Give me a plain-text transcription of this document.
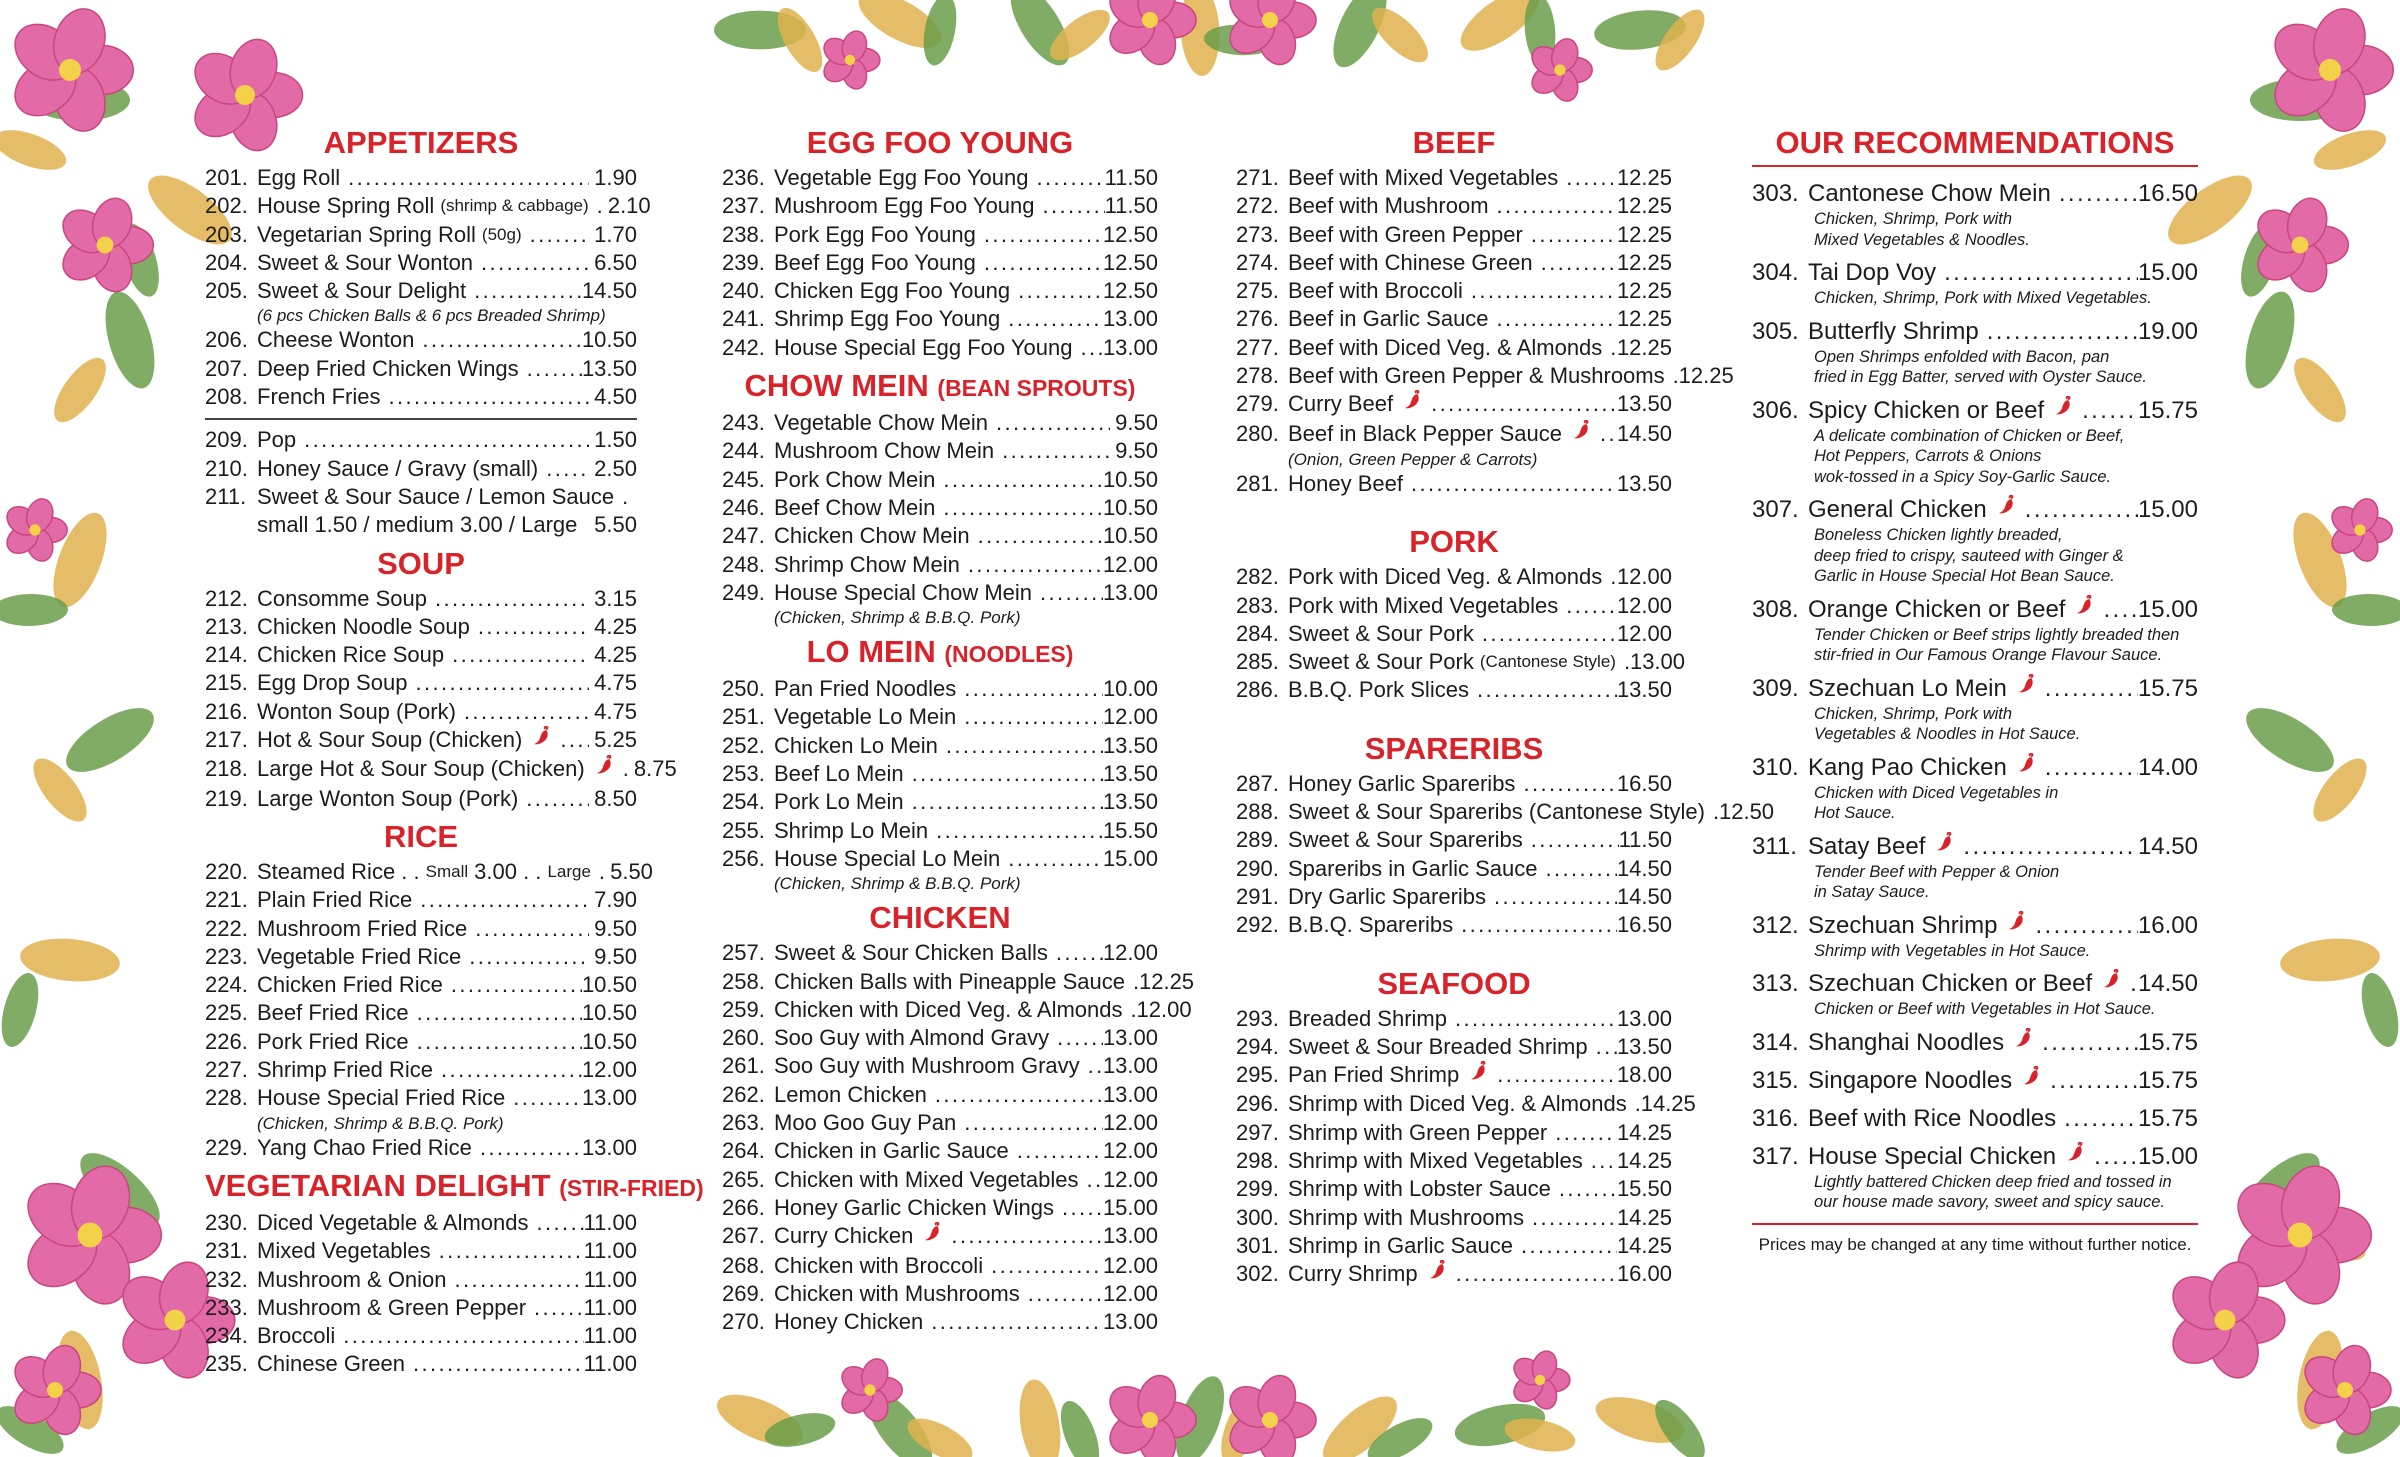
APPETIZERS
201. Egg Roll .....	1.90
202. House Spring Roll (shrimp & cabbage) ..... 2.10
203. Vegetarian Spring Roll (50g) .....	1.70
204. Sweet & Sour Wonton .....	6.50
205. Sweet & Sour Delight .....	14.50
(6 pcs Chicken Balls & 6 pcs Breaded Shrimp)
206. Cheese Wonton .....	10.50
207. Deep Fried Chicken Wings .....	13.50
208. French Fries .....	4.50
209. Pop .....	1.50
210. Honey Sauce / Gravy (small) .....	2.50
211. Sweet & Sour Sauce / Lemon Sauce
.....
small 1.50 / medium 3.00 / Large 5.50
SOUP
212. Consomme Soup .....	3.15
213. Chicken Noodle Soup .....	4.25
214. Chicken Rice Soup .....	4.25
215. Egg Drop Soup .....	4.75
216. Wonton Soup (Pork) .....	4.75
217. Hot & Sour Soup (Chicken) .....	5.25
218. Large Hot & Sour Soup (Chicken) ..... 8.75
219. Large Wonton Soup (Pork) .....	8.50
RICE
220. Steamed Rice . . Small 3.00 . . Large ..... 5.50
221. Plain Fried Rice .....	7.90
222. Mushroom Fried Rice .....	9.50
223. Vegetable Fried Rice .....	9.50
224. Chicken Fried Rice .....	10.50
225. Beef Fried Rice .....	10.50
226. Pork Fried Rice .....	10.50
227. Shrimp Fried Rice .....	12.00
228. House Special Fried Rice .....	13.00
(Chicken, Shrimp & B.B.Q. Pork)
229. Yang Chao Fried Rice .....	13.00
VEGETARIAN DELIGHT (STIR-FRIED)
230. Diced Vegetable & Almonds .....	11.00
231. Mixed Vegetables .....	11.00
232. Mushroom & Onion .....	11.00
233. Mushroom & Green Pepper .....	11.00
234. Broccoli .....	11.00
235. Chinese Green .....	11.00
EGG FOO YOUNG
236. Vegetable Egg Foo Young .....	11.50
237. Mushroom Egg Foo Young .....	11.50
238. Pork Egg Foo Young .....	12.50
239. Beef Egg Foo Young .....	12.50
240. Chicken Egg Foo Young .....	12.50
241. Shrimp Egg Foo Young .....	13.00
242. House Special Egg Foo Young ..... 13.00
CHOW MEIN (BEAN SPROUTS)
243. Vegetable Chow Mein .....	9.50
244. Mushroom Chow Mein .....	9.50
245. Pork Chow Mein .....	10.50
246. Beef Chow Mein .....	10.50
247. Chicken Chow Mein .....	10.50
248. Shrimp Chow Mein .....	12.00
249. House Special Chow Mein .....	13.00
(Chicken, Shrimp & B.B.Q. Pork)
LO MEIN (NOODLES)
250. Pan Fried Noodles .....	10.00
251. Vegetable Lo Mein .....	12.00
252. Chicken Lo Mein .....	13.50
253. Beef Lo Mein .....	13.50
254. Pork Lo Mein .....	13.50
255. Shrimp Lo Mein .....	15.50
256. House Special Lo Mein .....	15.00
(Chicken, Shrimp & B.B.Q. Pork)
CHICKEN
257. Sweet & Sour Chicken Balls .....	12.00
258. Chicken Balls with Pineapple Sauce ..... 12.25
259. Chicken with Diced Veg. & Almonds ..... 12.00
260. Soo Guy with Almond Gravy ..... 13.00
261. Soo Guy with Mushroom Gravy ..... 13.00
262. Lemon Chicken .....	13.00
263. Moo Goo Guy Pan .....	12.00
264. Chicken in Garlic Sauce .....	12.00
265. Chicken with Mixed Vegetables ..... 12.00
266. Honey Garlic Chicken Wings ..... 15.00
267. Curry Chicken .....	13.00
268. Chicken with Broccoli .....	12.00
269. Chicken with Mushrooms .....	12.00
270. Honey Chicken .....	13.00
BEEF
271. Beef with Mixed Vegetables .....	12.25
272. Beef with Mushroom .....	12.25
273. Beef with Green Pepper .....	12.25
274. Beef with Chinese Green .....	12.25
275. Beef with Broccoli .....	12.25
276. Beef in Garlic Sauce .....	12.25
277. Beef with Diced Veg. & Almonds ..... 12.25
278. Beef with Green Pepper & Mushrooms ..... 12.25
279. Curry Beef .....	13.50
280. Beef in Black Pepper Sauce ..... 14.50
(Onion, Green Pepper & Carrots)
281. Honey Beef .....	13.50
PORK
282. Pork with Diced Veg. & Almonds ..... 12.00
283. Pork with Mixed Vegetables .....	12.00
284. Sweet & Sour Pork .....	12.00
285. Sweet & Sour Pork (Cantonese Style) ..... 13.00
286. B.B.Q. Pork Slices .....	13.50
SPARERIBS
287. Honey Garlic Spareribs .....	16.50
288. Sweet & Sour Spareribs (Cantonese Style) ..... 12.50
289. Sweet & Sour Spareribs .....	11.50
290. Spareribs in Garlic Sauce .....	14.50
291. Dry Garlic Spareribs .....	14.50
292. B.B.Q. Spareribs .....	16.50
SEAFOOD
293. Breaded Shrimp .....	13.00
294. Sweet & Sour Breaded Shrimp ..... 13.50
295. Pan Fried Shrimp .....	18.00
296. Shrimp with Diced Veg. & Almonds ..... 14.25
297. Shrimp with Green Pepper .....	14.25
298. Shrimp with Mixed Vegetables ..... 14.25
299. Shrimp with Lobster Sauce .....	15.50
300. Shrimp with Mushrooms .....	14.25
301. Shrimp in Garlic Sauce .....	14.25
302. Curry Shrimp .....	16.00
OUR RECOMMENDATIONS
303. Cantonese Chow Mein .....	16.50
Chicken, Shrimp, Pork with
Mixed Vegetables & Noodles.
304. Tai Dop Voy .....	15.00
Chicken, Shrimp, Pork with Mixed Vegetables.
305. Butterfly Shrimp .....	19.00
Open Shrimps enfolded with Bacon, pan
fried in Egg Batter, served with Oyster Sauce.
306. Spicy Chicken or Beef .....	15.75
A delicate combination of Chicken or Beef,
Hot Peppers, Carrots & Onions
wok-tossed in a Spicy Soy-Garlic Sauce.
307. General Chicken .....	15.00
Boneless Chicken lightly breaded,
deep fried to crispy, sauteed with Ginger &
Garlic in House Special Hot Bean Sauce.
308. Orange Chicken or Beef .....	15.00
Tender Chicken or Beef strips lightly breaded then
stir-fried in Our Famous Orange Flavour Sauce.
309. Szechuan Lo Mein .....	15.75
Chicken, Shrimp, Pork with
Vegetables & Noodles in Hot Sauce.
310. Kang Pao Chicken .....	14.00
Chicken with Diced Vegetables in
Hot Sauce.
311. Satay Beef .....	14.50
Tender Beef with Pepper & Onion
in Satay Sauce.
312. Szechuan Shrimp .....	16.00
Shrimp with Vegetables in Hot Sauce.
313. Szechuan Chicken or Beef ..... 14.50
Chicken or Beef with Vegetables in Hot Sauce.
314. Shanghai Noodles .....	15.75
315. Singapore Noodles .....	15.75
316. Beef with Rice Noodles .....	15.75
317. House Special Chicken .....	15.00
Lightly battered Chicken deep fried and tossed in
our house made savory, sweet and spicy sauce.
Prices may be changed at any time without further notice.
